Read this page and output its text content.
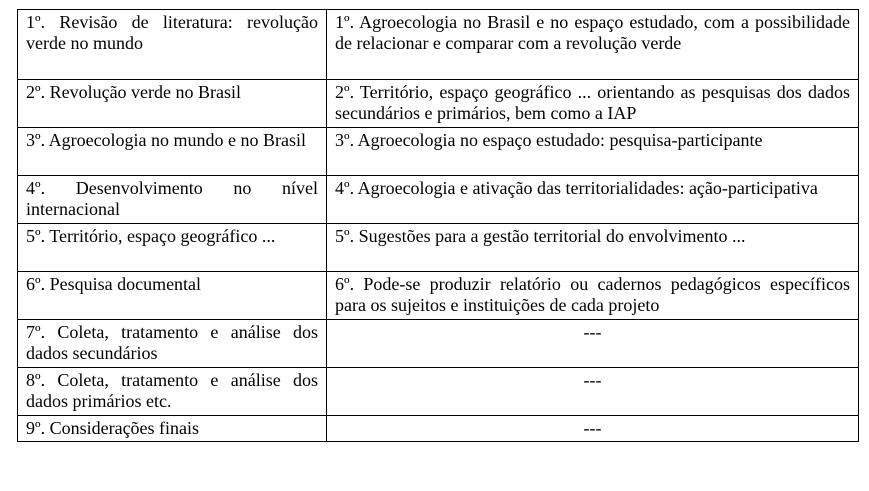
1º. Revisão de literatura: revolução verde no mundo	1º. Agroecologia no Brasil e no espaço estudado, com a possibilidade de relacionar e comparar com a revolução verde
2º. Revolução verde no Brasil	2º. Território, espaço geográfico ... orientando as pesquisas dos dados secundários e primários, bem como a IAP
3º. Agroecologia no mundo e no Brasil	3º. Agroecologia no espaço estudado: pesquisa-participante
4º. Desenvolvimento no nível internacional	4º. Agroecologia e ativação das territorialidades: ação-participativa
5º. Território, espaço geográfico ...	5º. Sugestões para a gestão territorial do envolvimento ...
6º. Pesquisa documental	6º. Pode-se produzir relatório ou cadernos pedagógicos específicos para os sujeitos e instituições de cada projeto
7º. Coleta, tratamento e análise dos dados secundários	---
8º. Coleta, tratamento e análise dos dados primários etc.	---
9º. Considerações finais	---
